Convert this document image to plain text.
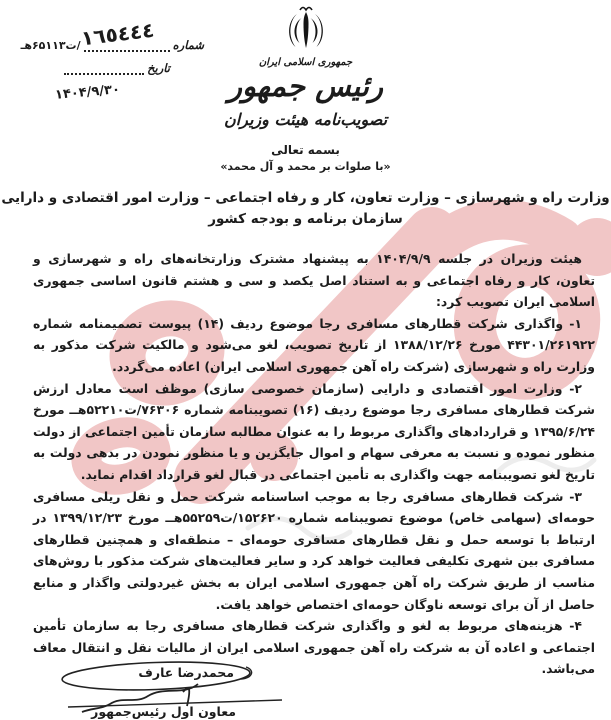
جمهوری اسلامی ایران
رئیس جمهور
تصویب‌نامه هیئت وزیران
١٦٥٤٤٤ شماره
/ت۶۵۱۱۳هـ
تاریخ
۱۴۰۴/۹/۳۰
بسمه تعالی
«با صلوات بر محمد و آل محمد»
وزارت راه و شهرسازی – وزارت تعاون، کار و رفاه اجتماعی – وزارت امور اقتصادی و دارایی
سازمان برنامه و بودجه کشور

هیئت وزیران در جلسه ۱۴۰۴/۹/۹ به پیشنهاد مشترک وزارتخانه‌های راه و شهرسازی و تعاون، کار و رفاه اجتماعی و به استناد اصل یکصد و سی و هشتم قانون اساسی جمهوری اسلامی ایران تصویب کرد:

۱- واگذاری شرکت قطارهای مسافری رجا موضوع ردیف (۱۴) پیوست تصمیمنامه شماره ۴۴۳۰۱/۲۶۱۹۲۲ مورخ ۱۳۸۸/۱۲/۲۶ از تاریخ تصویب، لغو می‌شود و مالکیت شرکت مذکور به وزارت راه و شهرسازی (شرکت راه آهن جمهوری اسلامی ایران) اعاده می‌گردد.

۲- وزارت امور اقتصادی و دارایی (سازمان خصوصی سازی) موظف است معادل ارزش شرکت قطارهای مسافری رجا موضوع ردیف (۱۶) تصویبنامه شماره ۷۶۳۰۶/ت۵۲۲۱۰هــ مورخ ۱۳۹۵/۶/۲۴ و قراردادهای واگذاری مربوط را به عنوان مطالبه سازمان تأمین اجتماعی از دولت منظور نموده و نسبت به معرفی سهام و اموال جایگزین و یا منظور نمودن در بدهی دولت به تاریخ لغو تصویبنامه جهت واگذاری به تأمین اجتماعی در قبال لغو قرارداد اقدام نماید.

۳- شرکت قطارهای مسافری رجا به موجب اساسنامه شرکت حمل و نقل ریلی مسافری حومه‌ای (سهامی خاص) موضوع تصویبنامه شماره ۱۵۲۶۲۰/ت۵۵۲۵۹هــ مورخ ۱۳۹۹/۱۲/۲۳ در ارتباط با توسعه حمل و نقل قطارهای مسافری حومه‌ای – منطقه‌ای و همچنین قطارهای مسافری بین شهری تکلیفی فعالیت خواهد کرد و سایر فعالیت‌های شرکت مذکور با روش‌های مناسب از طریق شرکت راه آهن جمهوری اسلامی ایران به بخش غیردولتی واگذار و منابع حاصل از آن برای توسعه ناوگان حومه‌ای اختصاص خواهد یافت.

۴- هزینه‌های مربوط به لغو و واگذاری شرکت قطارهای مسافری رجا به سازمان تأمین اجتماعی و اعاده آن به شرکت راه آهن جمهوری اسلامی ایران از مالیات نقل و انتقال معاف می‌باشد.

محمدرضا عارف
معاون اول رئیس‌جمهور
